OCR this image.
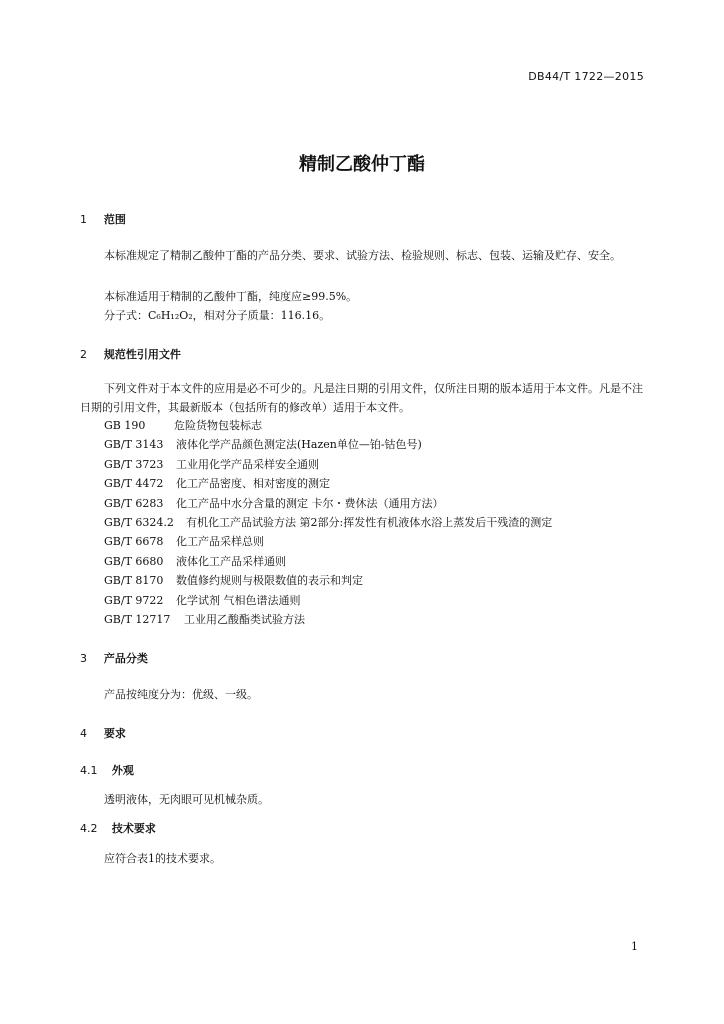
DB44/T 1722—2015
精制乙酸仲丁酯
1 范围

本标准规定了精制乙酸仲丁酯的产品分类、要求、试验方法、检验规则、标志、包装、运输及贮存、安全。

本标准适用于精制的乙酸仲丁酯，纯度应≥99.5%。
分子式：C₆H₁₂O₂，相对分子质量：116.16。
2 规范性引用文件

下列文件对于本文件的应用是必不可少的。凡是注日期的引用文件，仅所注日期的版本适用于本文件。凡是不注日期的引用文件，其最新版本（包括所有的修改单）适用于本文件。

GB 190	危险货物包装标志
GB/T 3143 液体化学产品颜色测定法(Hazen单位—铂-钴色号)
GB/T 3723 工业用化学产品采样安全通则
GB/T 4472 化工产品密度、相对密度的测定
GB/T 6283 化工产品中水分含量的测定 卡尔・费休法（通用方法）
GB/T 6324.2 有机化工产品试验方法 第2部分:挥发性有机液体水浴上蒸发后干残渣的测定
GB/T 6678 化工产品采样总则
GB/T 6680 液体化工产品采样通则
GB/T 8170 数值修约规则与极限数值的表示和判定
GB/T 9722 化学试剂 气相色谱法通则
GB/T 12717 工业用乙酸酯类试验方法
3 产品分类
产品按纯度分为：优级、一级。
4 要求
4.1 外观
透明液体，无肉眼可见机械杂质。
4.2 技术要求
应符合表1的技术要求。
1
